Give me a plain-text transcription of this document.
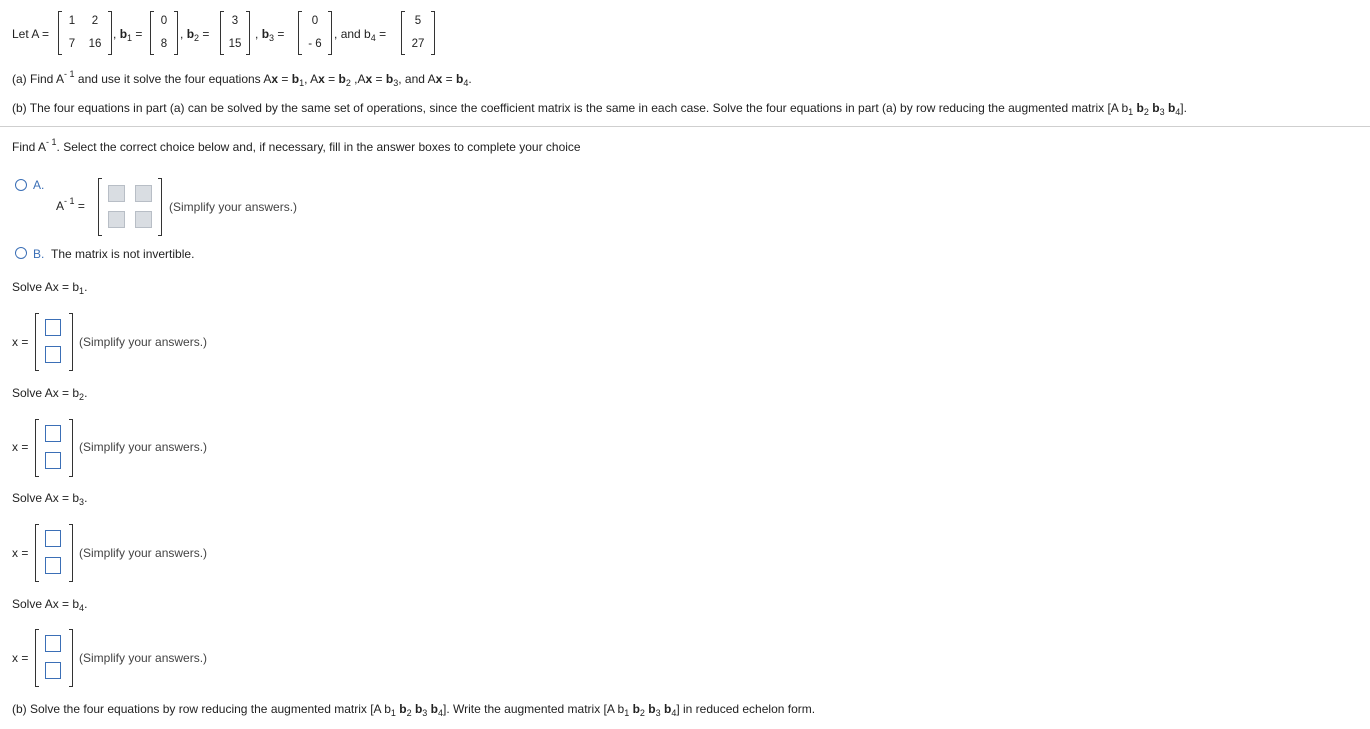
Let A =
1	2
7	16
, $b_1$ =
0
8
, $b_2$ =
3
15
, $b_3$ =
0
- 6
, and $b_4$ =
5
27
(a) Find $A^{- 1}$ and use it solve the four equations $Ax = b_1$, $Ax = b_2$ $,Ax = b_3$, and $Ax = b_4$.
(b) The four equations in part (a) can be solved by the same set of operations, since the coefficient matrix is the same in each case. Solve the four equations in part (a) by row reducing the augmented matrix [A $b_1$ $b_2$ $b_3$ $b_4$].
Find $A^{- 1}$. Select the correct choice below and, if necessary, fill in the answer boxes to complete your choice
A.
$A^{- 1}$ =	(Simplify your answers.)
B. The matrix is not invertible.
Solve $Ax = b_1$.
x =	(Simplify your answers.)
Solve $Ax = b_2$.
x =	(Simplify your answers.)
Solve $Ax = b_3$.
x =	(Simplify your answers.)
Solve $Ax = b_4$.
x =	(Simplify your answers.)
(b) Solve the four equations by row reducing the augmented matrix [A $b_1$ $b_2$ $b_3$ $b_4$]. Write the augmented matrix [A $b_1$ $b_2$ $b_3$ $b_4$] in reduced echelon form.
